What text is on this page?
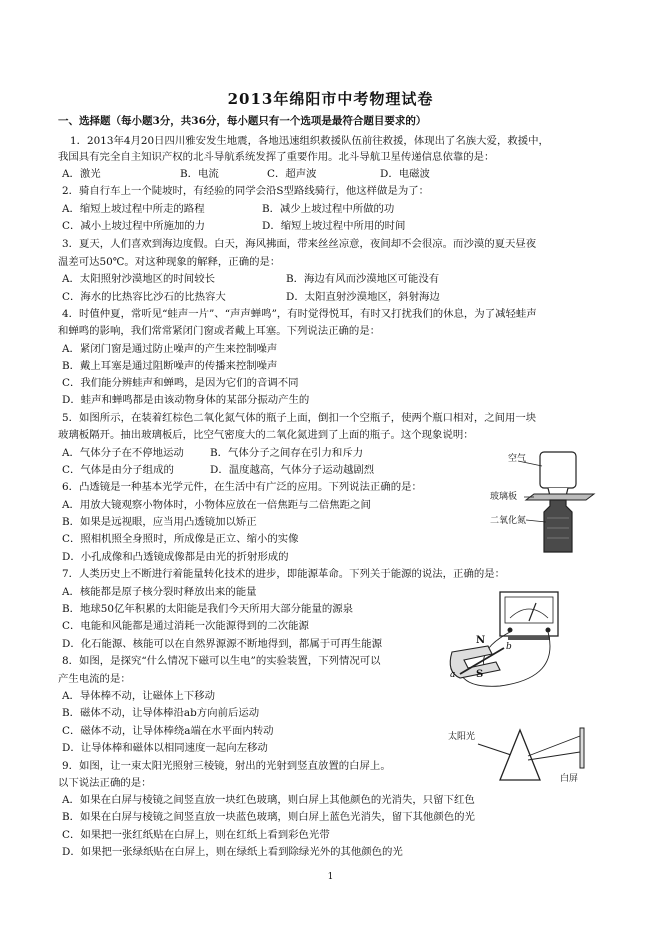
2013年绵阳市中考物理试卷
一、选择题（每小题3分，共36分，每小题只有一个选项是最符合题目要求的）
1．2013年4月20日四川雅安发生地震，各地迅速组织救援队伍前往救援，体现出了名族大爱，救援中，
我国具有完全自主知识产权的北斗导航系统发挥了重要作用。北斗导航卫星传递信息依靠的是：
A．激光	B．电流	C．超声波	D．电磁波
2．骑自行车上一个陡坡时，有经验的同学会沿S型路线骑行，他这样做是为了：
A．缩短上坡过程中所走的路程	B．减少上坡过程中所做的功
C．减小上坡过程中所施加的力	D．缩短上坡过程中所用的时间
3．夏天，人们喜欢到海边度假。白天，海风拂面，带来丝丝凉意，夜间却不会很凉。而沙漠的夏天昼夜
温差可达50℃。对这种现象的解释，正确的是：
A．太阳照射沙漠地区的时间较长	B．海边有风而沙漠地区可能没有
C．海水的比热容比沙石的比热容大	D．太阳直射沙漠地区，斜射海边
4．时值仲夏，常听见“蛙声一片”、“声声蝉鸣”，有时觉得悦耳，有时又打扰我们的休息，为了减轻蛙声
和蝉鸣的影响，我们常常紧闭门窗或者戴上耳塞。下列说法正确的是：
A．紧闭门窗是通过防止噪声的产生来控制噪声
B．戴上耳塞是通过阻断噪声的传播来控制噪声
C．我们能分辨蛙声和蝉鸣，是因为它们的音调不同
D．蛙声和蝉鸣都是由该动物身体的某部分振动产生的
5．如图所示，在装着红棕色二氧化氮气体的瓶子上面，倒扣一个空瓶子，使两个瓶口相对，之间用一块
玻璃板隔开。抽出玻璃板后，比空气密度大的二氧化氮进到了上面的瓶子。这个现象说明：
A．气体分子在不停地运动	B．气体分子之间存在引力和斥力
C．气体是由分子组成的	D．温度越高，气体分子运动越剧烈
空气
玻璃板
二氧化氮
6．凸透镜是一种基本光学元件，在生活中有广泛的应用。下列说法正确的是：
A．用放大镜观察小物体时，小物体应放在一倍焦距与二倍焦距之间
B．如果是远视眼，应当用凸透镜加以矫正
C．照相机照全身照时，所成像是正立、缩小的实像
D．小孔成像和凸透镜成像都是由光的折射形成的
7．人类历史上不断进行着能量转化技术的进步，即能源革命。下列关于能源的说法，正确的是：
A．核能都是原子核分裂时释放出来的能量
B．地球50亿年积累的太阳能是我们今天所用大部分能量的源泉
C．电能和风能都是通过消耗一次能源得到的二次能源
D．化石能源、核能可以在自然界源源不断地得到，都属于可再生能源
8．如图，是探究“什么情况下磁可以生电”的实验装置，下列情况可以
产生电流的是：
A．导体棒不动，让磁体上下移动
B．磁体不动，让导体棒沿ab方向前后运动
C．磁体不动，让导体棒绕a端在水平面内转动
D．让导体棒和磁体以相同速度一起向左移动
N
S
a
b
9．如图，让一束太阳光照射三棱镜，射出的光射到竖直放置的白屏上。
以下说法正确的是：
A．如果在白屏与棱镜之间竖直放一块红色玻璃，则白屏上其他颜色的光消失，只留下红色
B．如果在白屏与棱镜之间竖直放一块蓝色玻璃，则白屏上蓝色光消失，留下其他颜色的光
C．如果把一张红纸贴在白屏上，则在红纸上看到彩色光带
D．如果把一张绿纸贴在白屏上，则在绿纸上看到除绿光外的其他颜色的光
太阳光
白屏
1
